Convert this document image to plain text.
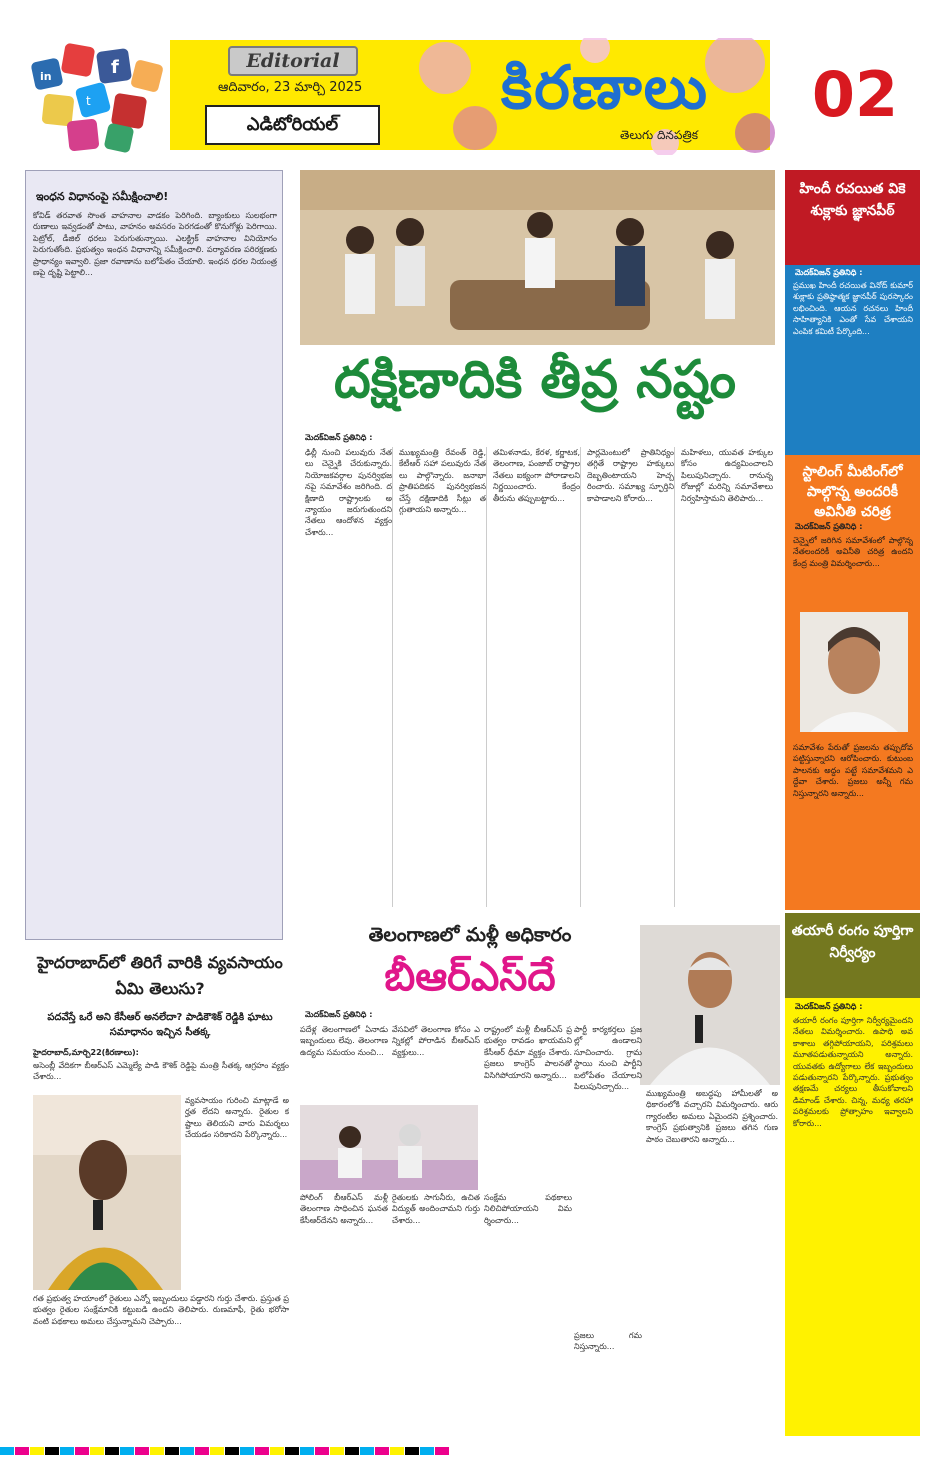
f
t
in
Editorial
ఆదివారం, 23 మార్చి 2025
ఎడిటోరియల్
కిరణాలు
తెలుగు దినపత్రిక
02
ఇంధన విధానంపై సమీక్షించాలి!
కోవిడ్ తరవాత సొంత వాహనాల వాడకం పెరిగింది. బ్యాంకులు సులభంగా రుణాలు ఇవ్వడంతో పాటు, వాహనం అవసరం పెరగడంతో కొనుగోళ్లు పెరిగాయి. పెట్రోల్, డీజిల్ ధరలు పెరుగుతున్నాయి. ఎలక్ట్రిక్ వాహనాల వినియోగం పెరుగుతోంది. ప్రభుత్వం ఇంధన విధానాన్ని సమీక్షించాలి. పర్యావరణ పరిరక్షణకు ప్రాధాన్యం ఇవ్వాలి. ప్రజా రవాణాను బలోపేతం చేయాలి. ఇంధన ధరల నియంత్రణపై దృష్టి పెట్టాలి...
దక్షిణాదికి తీవ్ర నష్టం
మెదక్‌విజన్ ప్రతినిధి :
ఢిల్లీ నుంచి పలువురు నేతలు చెన్నైకి చేరుకున్నారు. నియోజకవర్గాల పునర్విభజనపై సమావేశం జరిగింది. దక్షిణాది రాష్ట్రాలకు అన్యాయం జరుగుతుందని నేతలు ఆందోళన వ్యక్తం చేశారు...
ముఖ్యమంత్రి రేవంత్ రెడ్డి, కేటీఆర్ సహా పలువురు నేతలు పాల్గొన్నారు. జనాభా ప్రాతిపదికన పునర్విభజన చేస్తే దక్షిణాదికి సీట్లు తగ్గుతాయని అన్నారు...
తమిళనాడు, కేరళ, కర్ణాటక, తెలంగాణ, పంజాబ్ రాష్ట్రాల నేతలు ఐక్యంగా పోరాడాలని నిర్ణయించారు. కేంద్రం తీరును తప్పుబట్టారు...
పార్లమెంటులో ప్రాతినిధ్యం తగ్గితే రాష్ట్రాల హక్కులు దెబ్బతింటాయని హెచ్చరించారు. సమాఖ్య స్ఫూర్తిని కాపాడాలని కోరారు...
మహిళలు, యువత హక్కుల కోసం ఉద్యమించాలని పిలుపునిచ్చారు. రానున్న రోజుల్లో మరిన్ని సమావేశాలు నిర్వహిస్తామని తెలిపారు...
హిందీ రచయిత వికె శుక్లాకు జ్ఞానపీఠ్
మెదక్‌విజన్ ప్రతినిధి :
ప్రముఖ హిందీ రచయిత వినోద్ కుమార్ శుక్లాకు ప్రతిష్ఠాత్మక జ్ఞానపీఠ్ పురస్కారం లభించింది. ఆయన రచనలు హిందీ సాహిత్యానికి ఎంతో సేవ చేశాయని ఎంపిక కమిటీ పేర్కొంది...
స్టాలింగ్ మీటింగ్‌లో పాల్గొన్న అందరికీ అవినీతి చరిత్ర
మెదక్‌విజన్ ప్రతినిధి :
చెన్నైలో జరిగిన సమావేశంలో పాల్గొన్న నేతలందరికీ అవినీతి చరిత్ర ఉందని కేంద్ర మంత్రి విమర్శించారు...
సమావేశం పేరుతో ప్రజలను తప్పుదోవ పట్టిస్తున్నారని ఆరోపించారు. కుటుంబ పాలనకు అద్దం పట్టే సమావేశమని ఎద్దేవా చేశారు. ప్రజలు అన్నీ గమనిస్తున్నారని అన్నారు...
తయారీ రంగం పూర్తిగా నిర్వీర్యం
మెదక్‌విజన్ ప్రతినిధి :
తయారీ రంగం పూర్తిగా నిర్వీర్యమైందని నేతలు విమర్శించారు. ఉపాధి అవకాశాలు తగ్గిపోయాయని, పరిశ్రమలు మూతపడుతున్నాయని అన్నారు. యువతకు ఉద్యోగాలు లేక ఇబ్బందులు పడుతున్నారని పేర్కొన్నారు. ప్రభుత్వం తక్షణమే చర్యలు తీసుకోవాలని డిమాండ్ చేశారు. చిన్న, మధ్య తరహా పరిశ్రమలకు ప్రోత్సాహం ఇవ్వాలని కోరారు...
హైదరాబాద్‌లో తిరిగే వారికి వ్యవసాయం ఏమి తెలుసు?
పదవేస్తే ఒరే అని కేసీఆర్ అనలేదా? పాడికౌశిక్ రెడ్డికి ఘాటు సమాధానం ఇచ్చిన సీతక్క
హైదరాబాద్,మార్చి22(కిరణాలు):
అసెంబ్లీ వేదికగా బీఆర్ఎస్ ఎమ్మెల్యే పాడి కౌశిక్ రెడ్డిపై మంత్రి సీతక్క ఆగ్రహం వ్యక్తం చేశారు...
వ్యవసాయం గురించి మాట్లాడే అర్హత లేదని అన్నారు. రైతుల కష్టాలు తెలియని వారు విమర్శలు చేయడం సరికాదని పేర్కొన్నారు...
గత ప్రభుత్వ హయాంలో రైతులు ఎన్నో ఇబ్బందులు పడ్డారని గుర్తు చేశారు. ప్రస్తుత ప్రభుత్వం రైతుల సంక్షేమానికి కట్టుబడి ఉందని తెలిపారు. రుణమాఫీ, రైతు భరోసా వంటి పథకాలు అమలు చేస్తున్నామని చెప్పారు...
తెలంగాణలో మళ్లీ అధికారం
బీఆర్ఎస్‌దే
మెదక్‌విజన్ ప్రతినిధి :
పదేళ్ల తెలంగాణలో ఏనాడు ఇబ్బందులు లేవు. తెలంగాణ ఉద్యమ సమయం నుంచి...
వేసవిలో తెలంగాణ కోసం ఎన్నికల్లో పోరాడిన బీఆర్ఎస్ వ్యక్తులు...
రాష్ట్రంలో మళ్లీ బీఆర్ఎస్ ప్రభుత్వం రావడం ఖాయమని కేసీఆర్ ధీమా వ్యక్తం చేశారు. ప్రజలు కాంగ్రెస్ పాలనతో విసిగిపోయారని అన్నారు...
పార్టీ కార్యకర్తలు ప్రజల్లో ఉండాలని సూచించారు. గ్రామస్థాయి నుంచి పార్టీని బలోపేతం చేయాలని పిలుపునిచ్చారు...
పోలింగ్ బీఆర్ఎస్ మళ్లీ తెలంగాణ సాధించిన ఘనత కేసీఆర్‌దేనని అన్నారు...
రైతులకు సాగునీరు, ఉచిత విద్యుత్ అందించామని గుర్తు చేశారు...
సంక్షేమ పథకాలు నిలిచిపోయాయని విమర్శించారు...
ప్రజలు గమనిస్తున్నారు...
ముఖ్యమంత్రి అబద్ధపు హామీలతో అధికారంలోకి వచ్చారని విమర్శించారు. ఆరు గ్యారంటీల అమలు ఏమైందని ప్రశ్నించారు. కాంగ్రెస్ ప్రభుత్వానికి ప్రజలు తగిన గుణపాఠం చెబుతారని అన్నారు...
